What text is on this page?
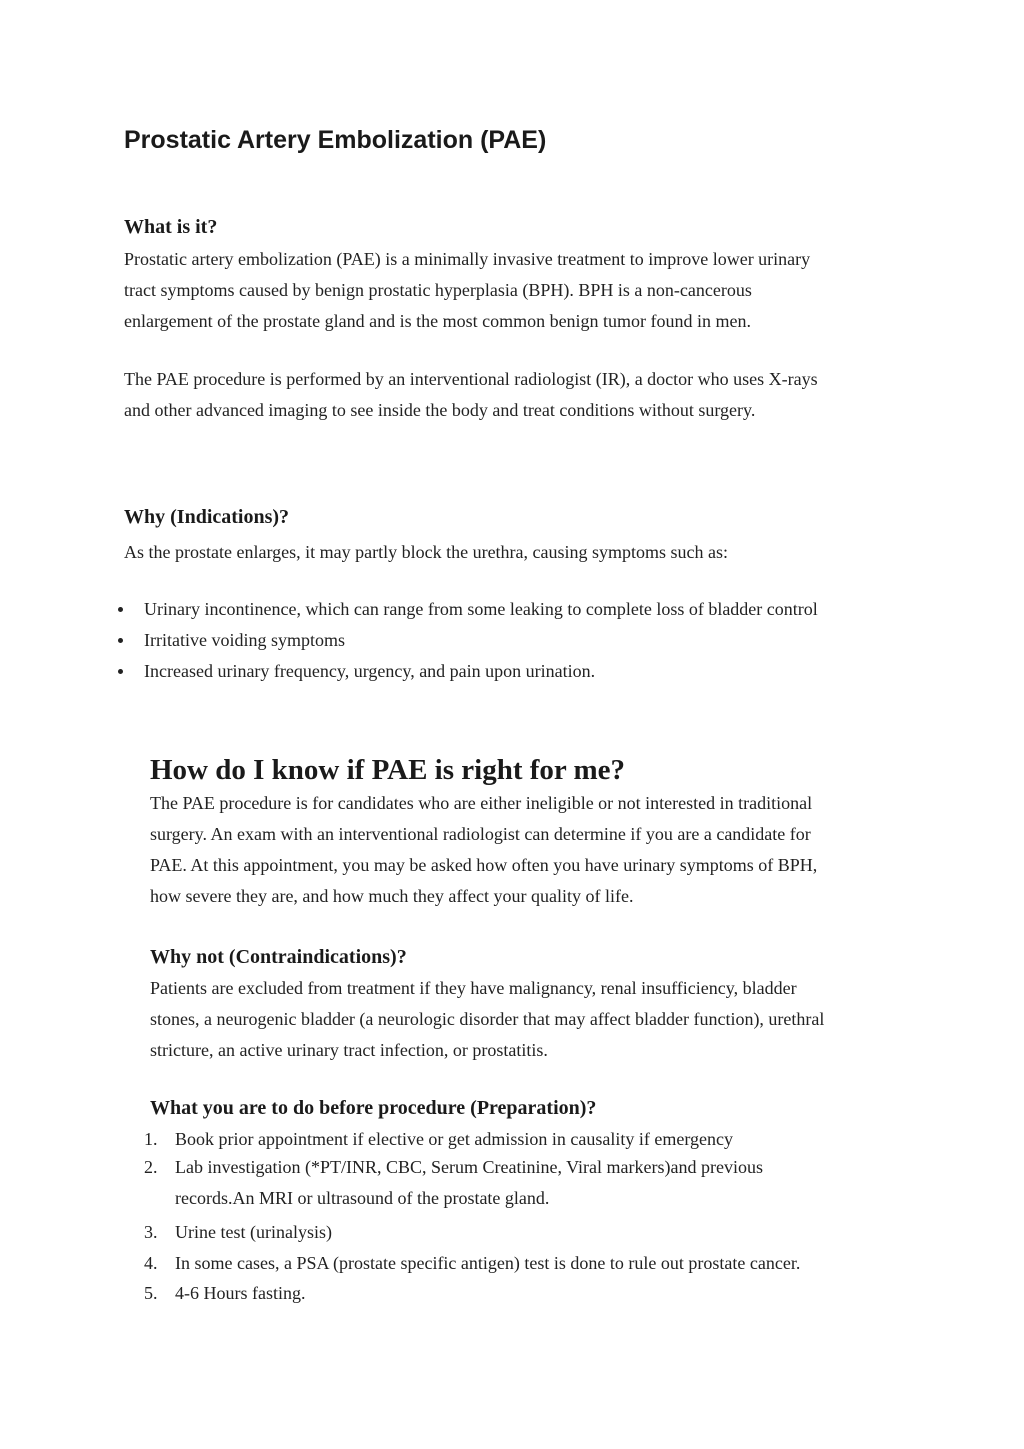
Prostatic Artery Embolization (PAE)
What is it?
Prostatic artery embolization (PAE) is a minimally invasive treatment to improve lower urinary
tract symptoms caused by benign prostatic hyperplasia (BPH). BPH is a non-cancerous
enlargement of the prostate gland and is the most common benign tumor found in men.
The PAE procedure is performed by an interventional radiologist (IR), a doctor who uses X-rays
and other advanced imaging to see inside the body and treat conditions without surgery.
Why (Indications)?
As the prostate enlarges, it may partly block the urethra, causing symptoms such as:
Urinary incontinence, which can range from some leaking to complete loss of bladder control
Irritative voiding symptoms
Increased urinary frequency, urgency, and pain upon urination.
How do I know if PAE is right for me?
The PAE procedure is for candidates who are either ineligible or not interested in traditional
surgery. An exam with an interventional radiologist can determine if you are a candidate for
PAE. At this appointment, you may be asked how often you have urinary symptoms of BPH,
how severe they are, and how much they affect your quality of life.
Why not (Contraindications)?
Patients are excluded from treatment if they have malignancy, renal insufficiency, bladder
stones, a neurogenic bladder (a neurologic disorder that may affect bladder function), urethral
stricture, an active urinary tract infection, or prostatitis.
What you are to do before procedure (Preparation)?
1. Book prior appointment if elective or get admission in causality if emergency
2. Lab investigation (*PT/INR, CBC, Serum Creatinine, Viral markers)and previous
records.An MRI or ultrasound of the prostate gland.
3. Urine test (urinalysis)
4. In some cases, a PSA (prostate specific antigen) test is done to rule out prostate cancer.
5. 4-6 Hours fasting.
